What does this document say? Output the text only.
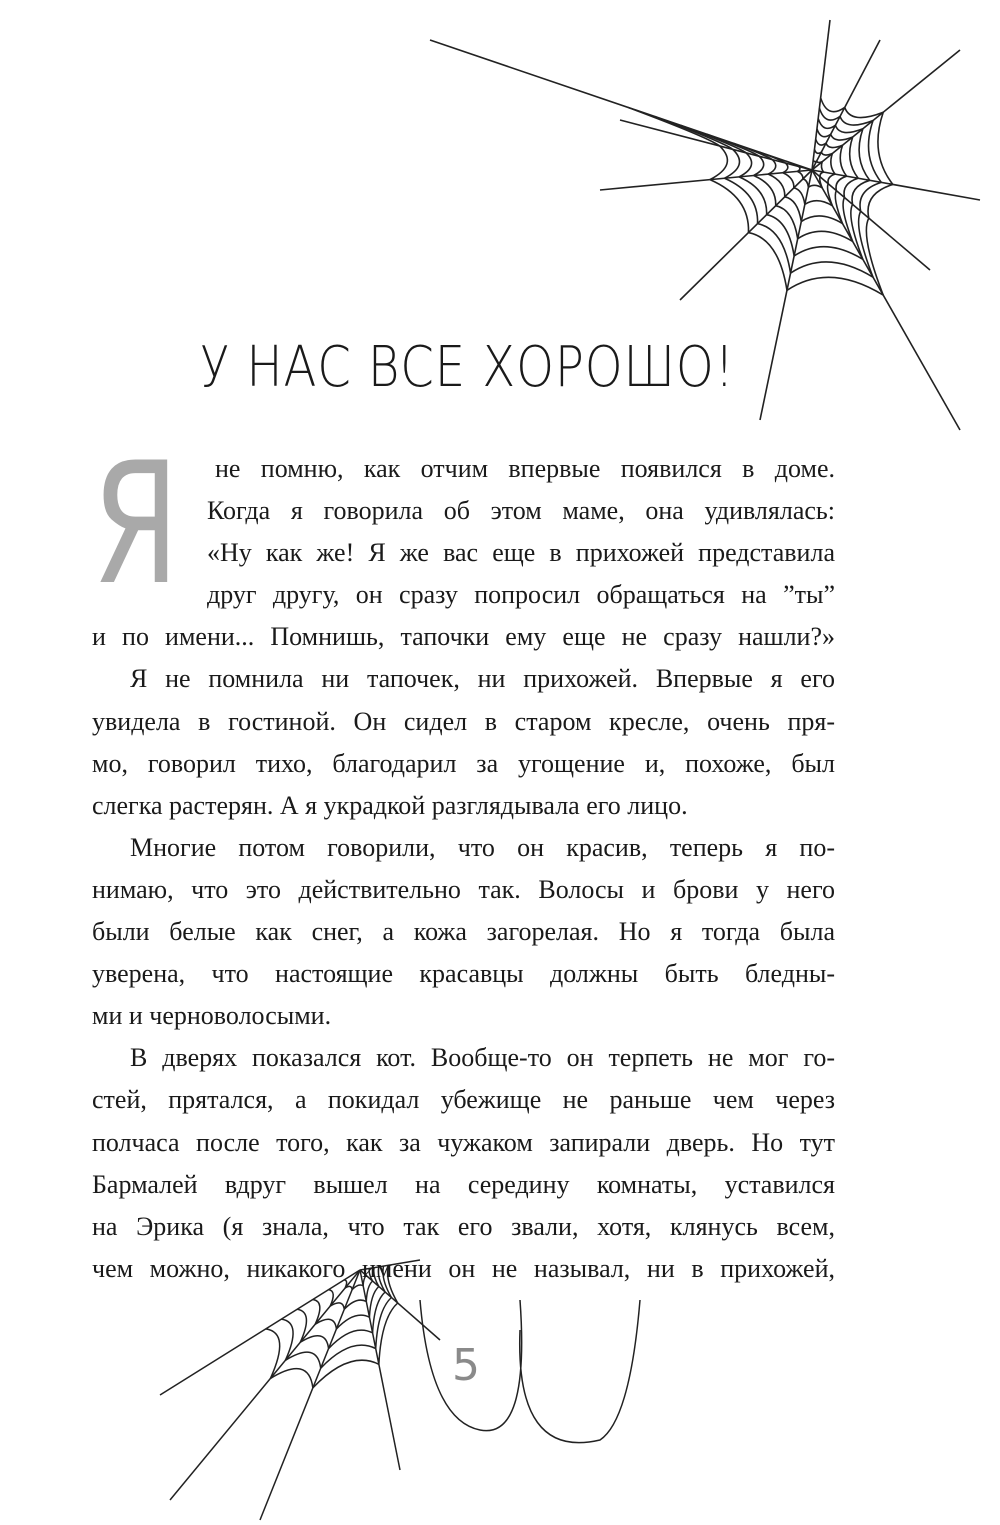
У НАС ВСЕ ХОРОШО!
Я	не помню, как отчим впервые появился в доме.
Когда я говорила об этом маме, она удивлялась:
«Ну как же! Я же вас еще в прихожей представила
друг другу, он сразу попросил обращаться на ”ты”
и по имени... Помнишь, тапочки ему еще не сразу нашли?»
Я не помнила ни тапочек, ни прихожей. Впервые я его
увидела в гостиной. Он сидел в старом кресле, очень пря-
мо, говорил тихо, благодарил за угощение и, похоже, был
слегка растерян. А я украдкой разглядывала его лицо.
Многие потом говорили, что он красив, теперь я по-
нимаю, что это действительно так. Волосы и брови у него
были белые как снег, а кожа загорелая. Но я тогда была
уверена, что настоящие красавцы должны быть бледны-
ми и черноволосыми.
В дверях показался кот. Вообще-то он терпеть не мог го-
стей, прятался, а покидал убежище не раньше чем через
полчаса после того, как за чужаком запирали дверь. Но тут
Бармалей вдруг вышел на середину комнаты, уставился
на Эрика (я знала, что так его звали, хотя, клянусь всем,
чем можно, никакого имени он не называл, ни в прихожей,
5
